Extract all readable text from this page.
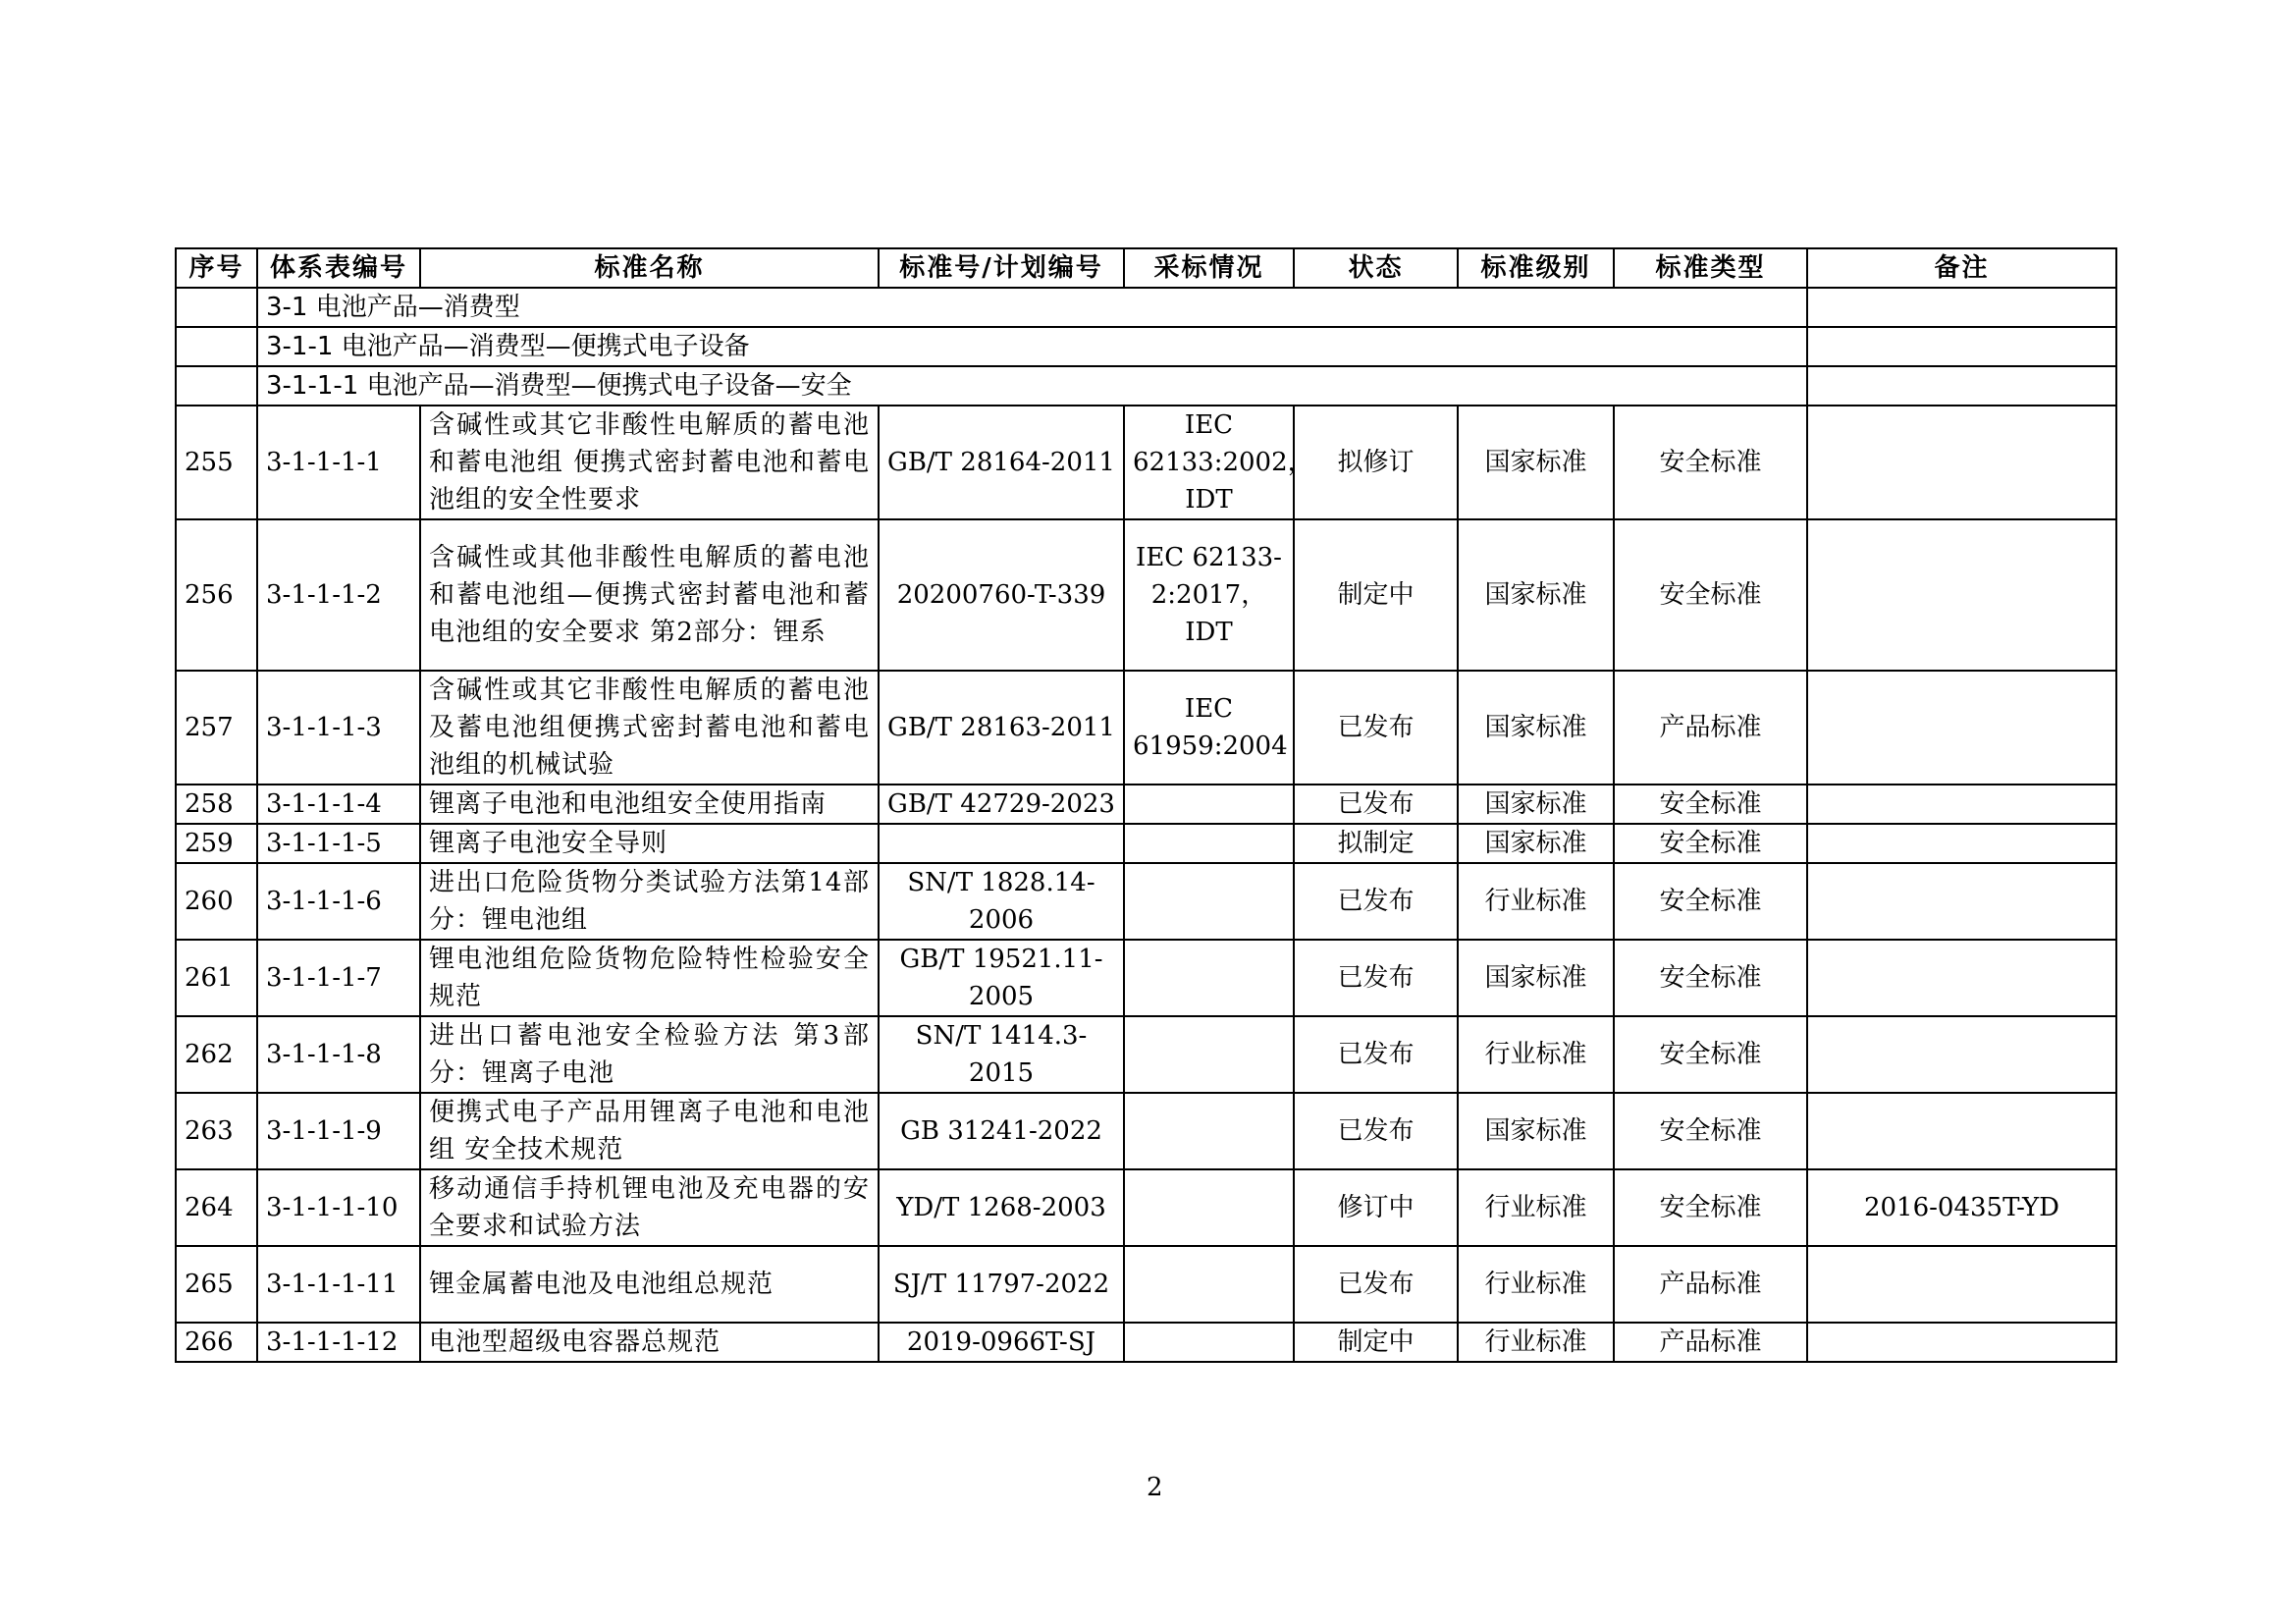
序号	体系表编号	标准名称	标准号/计划编号	采标情况	状态	标准级别	标准类型	备注
	3-1 电池产品—消费型							
	3-1-1 电池产品—消费型—便携式电子设备							
	3-1-1-1 电池产品—消费型—便携式电子设备—安全							
255	3-1-1-1-1	含碱性或其它非酸性电解质的蓄电池和蓄电池组 便携式密封蓄电池和蓄电池组的安全性要求	GB/T 28164-2011	IEC 62133:2002，IDT	拟修订	国家标准	安全标准	
256	3-1-1-1-2	含碱性或其他非酸性电解质的蓄电池和蓄电池组—便携式密封蓄电池和蓄电池组的安全要求 第2部分：锂系	20200760-T-339	IEC 62133-2:2017，IDT	制定中	国家标准	安全标准	
257	3-1-1-1-3	含碱性或其它非酸性电解质的蓄电池及蓄电池组便携式密封蓄电池和蓄电池组的机械试验	GB/T 28163-2011	IEC 61959:2004	已发布	国家标准	产品标准	
258	3-1-1-1-4	锂离子电池和电池组安全使用指南	GB/T 42729-2023		已发布	国家标准	安全标准	
259	3-1-1-1-5	锂离子电池安全导则			拟制定	国家标准	安全标准	
260	3-1-1-1-6	进出口危险货物分类试验方法第14部分：锂电池组	SN/T 1828.14-2006		已发布	行业标准	安全标准	
261	3-1-1-1-7	锂电池组危险货物危险特性检验安全规范	GB/T 19521.11-2005		已发布	国家标准	安全标准	
262	3-1-1-1-8	进出口蓄电池安全检验方法 第3部分：锂离子电池	SN/T 1414.3-2015		已发布	行业标准	安全标准	
263	3-1-1-1-9	便携式电子产品用锂离子电池和电池组 安全技术规范	GB 31241-2022		已发布	国家标准	安全标准	
264	3-1-1-1-10	移动通信手持机锂电池及充电器的安全要求和试验方法	YD/T 1268-2003		修订中	行业标准	安全标准	2016-0435T-YD
265	3-1-1-1-11	锂金属蓄电池及电池组总规范	SJ/T 11797-2022		已发布	行业标准	产品标准	
266	3-1-1-1-12	电池型超级电容器总规范	2019-0966T-SJ		制定中	行业标准	产品标准	
2
